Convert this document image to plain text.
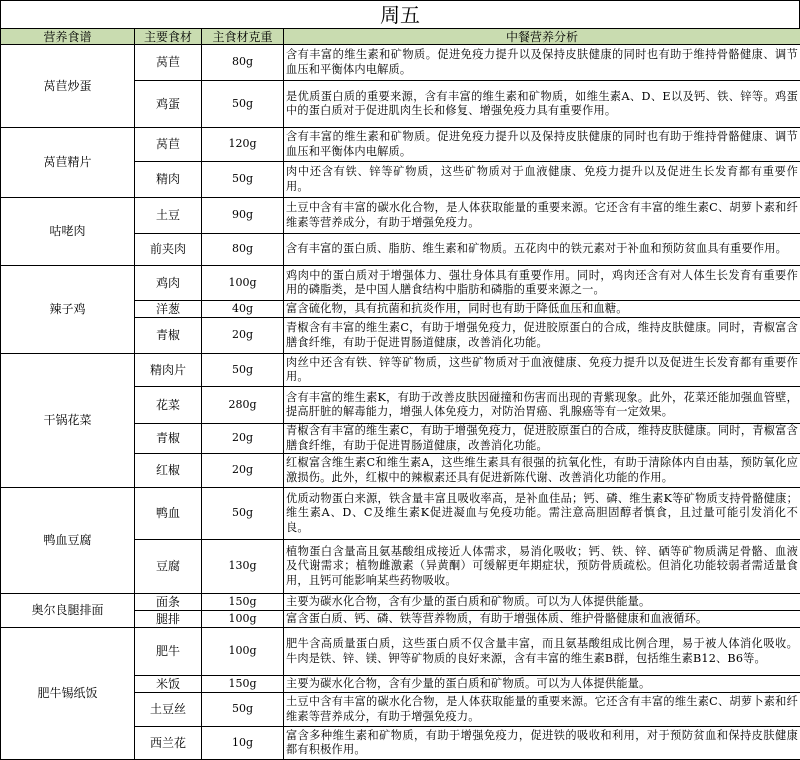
周五
营养食谱	主要食材	主食材克重	中餐营养分析
莴苣炒蛋	莴苣	80g	含有丰富的维生素和矿物质。促进免疫力提升以及保持皮肤健康的同时也有助于维持骨骼健康、调节血压和平衡体内电解质。
	鸡蛋	50g	是优质蛋白质的重要来源，含有丰富的维生素和矿物质，如维生素A、D、E以及钙、铁、锌等。鸡蛋中的蛋白质对于促进肌肉生长和修复、增强免疫力具有重要作用。
莴苣精片	莴苣	120g	含有丰富的维生素和矿物质。促进免疫力提升以及保持皮肤健康的同时也有助于维持骨骼健康、调节血压和平衡体内电解质。
	精肉	50g	肉中还含有铁、锌等矿物质，这些矿物质对于血液健康、免疫力提升以及促进生长发育都有重要作用。
咕咾肉	土豆	90g	土豆中含有丰富的碳水化合物，是人体获取能量的重要来源。它还含有丰富的维生素C、胡萝卜素和纤维素等营养成分，有助于增强免疫力。
	前夹肉	80g	含有丰富的蛋白质、脂肪、维生素和矿物质。五花肉中的铁元素对于补血和预防贫血具有重要作用。
辣子鸡	鸡肉	100g	鸡肉中的蛋白质对于增强体力、强壮身体具有重要作用。同时，鸡肉还含有对人体生长发育有重要作用的磷脂类，是中国人膳食结构中脂肪和磷脂的重要来源之一。
	洋葱	40g	富含硫化物，具有抗菌和抗炎作用，同时也有助于降低血压和血糖。
	青椒	20g	青椒含有丰富的维生素C，有助于增强免疫力，促进胶原蛋白的合成，维持皮肤健康。同时，青椒富含膳食纤维，有助于促进胃肠道健康，改善消化功能。
干锅花菜	精肉片	50g	肉丝中还含有铁、锌等矿物质，这些矿物质对于血液健康、免疫力提升以及促进生长发育都有重要作用。
	花菜	280g	含有丰富的维生素K，有助于改善皮肤因碰撞和伤害而出现的青紫现象。此外，花菜还能加强血管壁，提高肝脏的解毒能力，增强人体免疫力，对防治胃癌、乳腺癌等有一定效果。
	青椒	20g	青椒含有丰富的维生素C，有助于增强免疫力，促进胶原蛋白的合成，维持皮肤健康。同时，青椒富含膳食纤维，有助于促进胃肠道健康，改善消化功能。
	红椒	20g	红椒富含维生素C和维生素A，这些维生素具有很强的抗氧化性，有助于清除体内自由基，预防氧化应激损伤。此外，红椒中的辣椒素还具有促进新陈代谢、改善消化功能的作用。
鸭血豆腐	鸭血	50g	优质动物蛋白来源，铁含量丰富且吸收率高，是补血佳品；钙、磷、维生素K等矿物质支持骨骼健康；维生素A、D、C及维生素K促进凝血与免疫功能。需注意高胆固醇者慎食，且过量可能引发消化不良。
	豆腐	130g	植物蛋白含量高且氨基酸组成接近人体需求，易消化吸收；钙、铁、锌、硒等矿物质满足骨骼、血液及代谢需求；植物雌激素（异黄酮）可缓解更年期症状，预防骨质疏松。但消化功能较弱者需适量食用，且钙可能影响某些药物吸收。
奥尔良腿排面	面条	150g	主要为碳水化合物，含有少量的蛋白质和矿物质。可以为人体提供能量。
	腿排	100g	富含蛋白质、钙、磷、铁等营养物质，有助于增强体质、维护骨骼健康和血液循环。
肥牛锡纸饭	肥牛	100g	肥牛含高质量蛋白质，这些蛋白质不仅含量丰富，而且氨基酸组成比例合理，易于被人体消化吸收。牛肉是铁、锌、镁、钾等矿物质的良好来源，含有丰富的维生素B群，包括维生素B12、B6等。
	米饭	150g	主要为碳水化合物，含有少量的蛋白质和矿物质。可以为人体提供能量。
	土豆丝	50g	土豆中含有丰富的碳水化合物，是人体获取能量的重要来源。它还含有丰富的维生素C、胡萝卜素和纤维素等营养成分，有助于增强免疫力。
	西兰花	10g	富含多种维生素和矿物质，有助于增强免疫力，促进铁的吸收和利用，对于预防贫血和保持皮肤健康都有积极作用。
